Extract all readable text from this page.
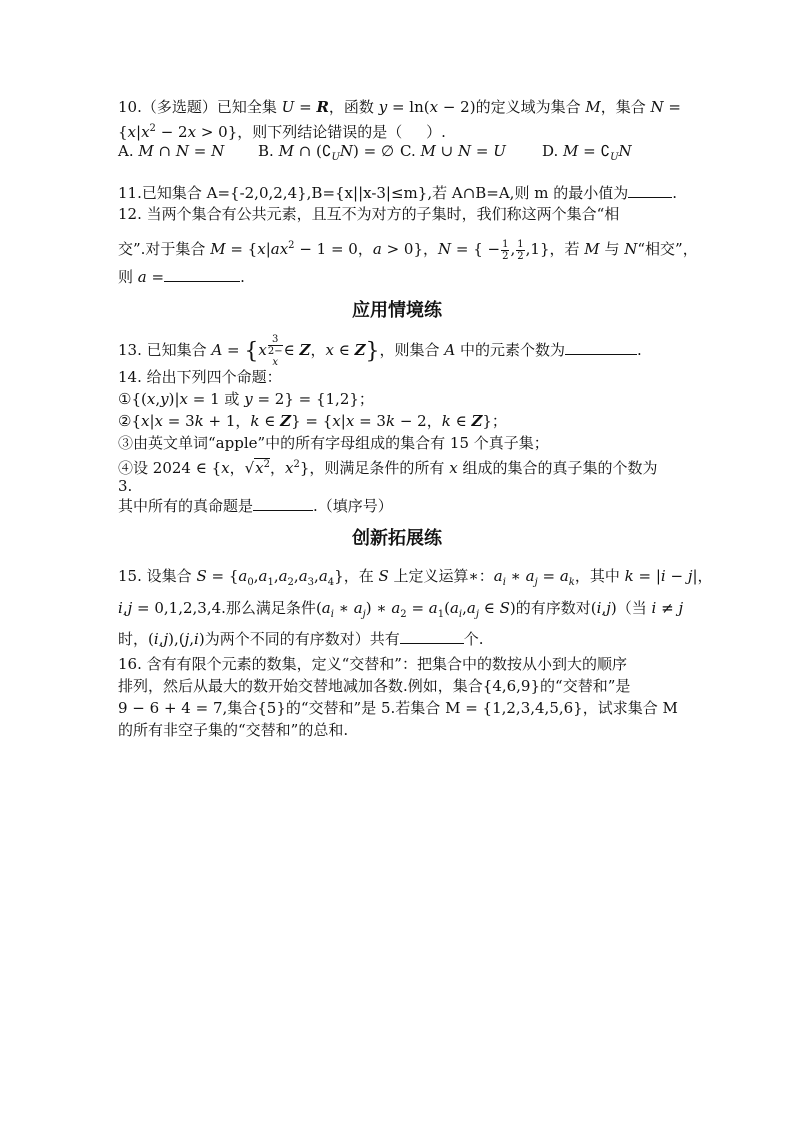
10.（多选题）已知全集 U = R，函数 y = ln(x − 2)的定义域为集合 M，集合 N =
$\{x|x^2 - 2x > 0\}$，则下列结论错误的是（ ）.
A. M ∩ N = N B. M ∩ $(∁_UN)$ = ∅ C. M ∪ N = U D. $M = ∁_UN$
11.已知集合 A={-2,0,2,4},B={x||x-3|≤m},若 A∩B=A,则 m 的最小值为	.
12. 当两个集合有公共元素，且互不为对方的子集时，我们称这两个集合“相
交”.对于集合 $M = \{x|ax^2 - 1 = 0$，a > 0}，N = { − $\frac{1}{2}$ , $\frac{1}{2} ,1$}，若 M 与 N“相交”，
则 a =	.
应用情境练
13. 已知集合 A = {x 3
2−
x ∈ Z，x ∈ Z}，则集合 A 中的元素个数为	.
14. 给出下列四个命题：
①{(x,y)|x = 1 或 y = 2} = {1,2}；
②{x|x = 3k + 1，k ∈ Z} = {x|x = 3k − 2，k ∈ Z}；
③由英文单词“apple”中的所有字母组成的集合有 15 个真子集；
④设 2024 ∈ {x，$√x^2$，$x^2$}，则满足条件的所有 x 组成的集合的真子集的个数为
3.
其中所有的真命题是	.（填序号）
创新拓展练
15. 设集合 $S = \{a_0,a_1,a_2,a_3,a_4\}$，在 S 上定义运算∗：$a_i$ ∗ $a_j = a_k$，其中 k = |i − j|，
i,j = 0,1,2,3,4.那么满足条件($a_i$ ∗ $a_j$) ∗ $a_2 = a_1(a_i,a_j$ ∈ S)的有序数对(i,j)（当 i ≠ j
时，(i,j),(j,i)为两个不同的有序数对）共有	个.
16. 含有有限个元素的数集，定义“交替和”：把集合中的数按从小到大的顺序
排列，然后从最大的数开始交替地减加各数.例如，集合{4,6,9}的“交替和”是
9 − 6 + 4 = 7,集合{5}的“交替和”是 5.若集合 M = {1,2,3,4,5,6}，试求集合 M
的所有非空子集的“交替和”的总和.
